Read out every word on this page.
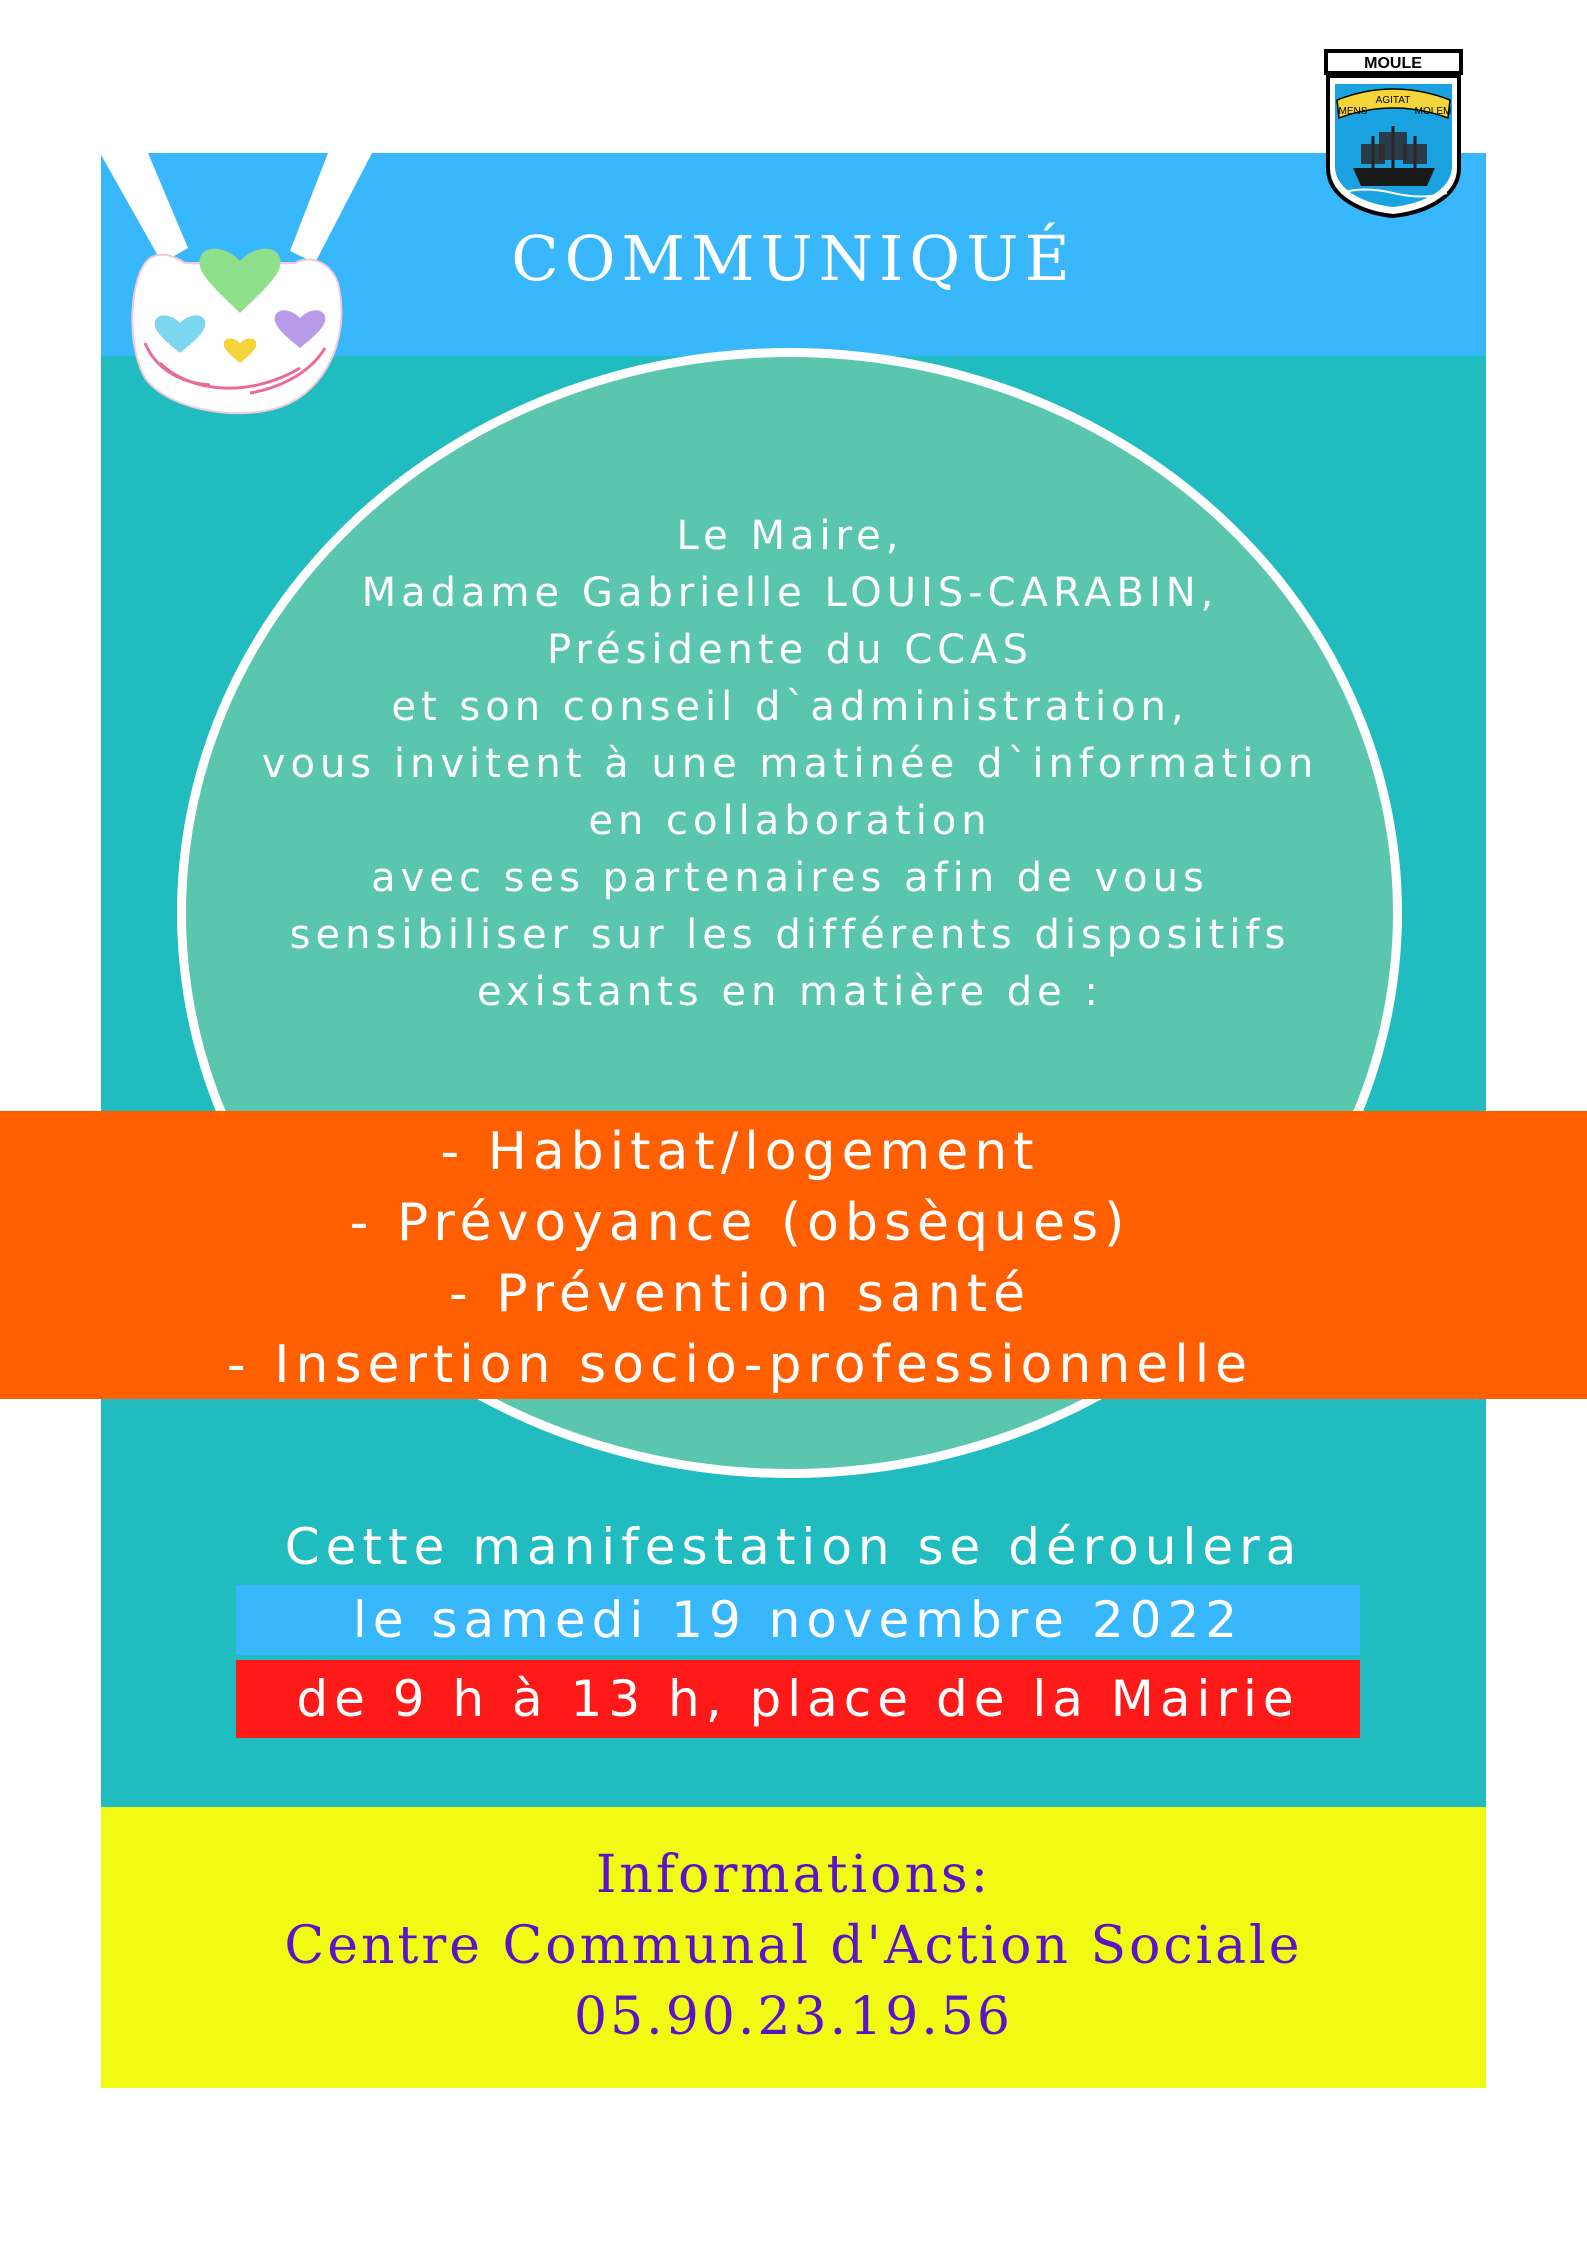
COMMUNIQUÉ
MOULE
MENS
AGITAT
MOLEM
Le Maire,
Madame Gabrielle LOUIS-CARABIN,
Présidente du CCAS
et son conseil d`administration,
vous invitent à une matinée d`information
en collaboration
avec ses partenaires afin de vous
sensibiliser sur les différents dispositifs
existants en matière de :
- Habitat/logement
- Prévoyance (obsèques)
- Prévention santé
- Insertion socio-professionnelle
Cette manifestation se déroulera
le samedi 19 novembre 2022
de 9 h à 13 h, place de la Mairie
Informations:
Centre Communal d'Action Sociale
05.90.23.19.56
